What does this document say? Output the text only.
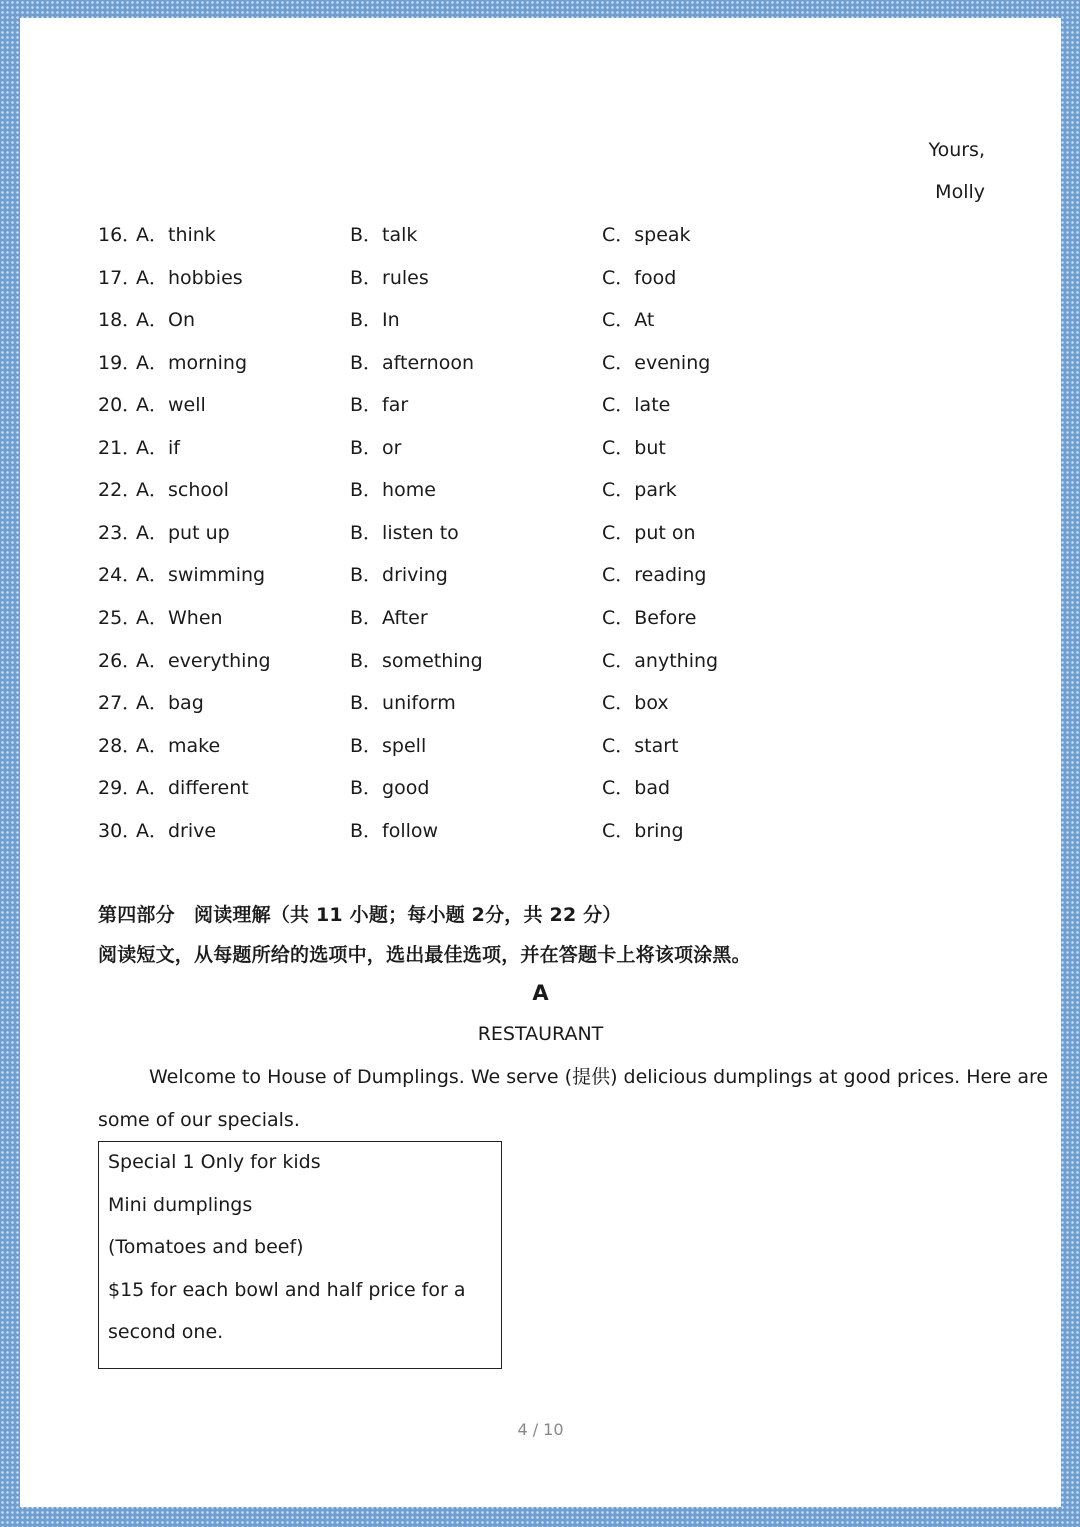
Yours,
Molly
16．
A．think	B．talk	C．speak
17．
A．hobbies	B．rules	C．food
18．
A．On	B．In	C．At
19．
A．morning	B．afternoon	C．evening
20．
A．well	B．far	C．late
21．
A．if	B．or	C．but
22．
A．school	B．home	C．park
23．
A．put up	B．listen to	C．put on
24．
A．swimming	B．driving	C．reading
25．
A．When	B．After	C．Before
26．
A．everything	B．something	C．anything
27．
A．bag	B．uniform	C．box
28．
A．make	B．spell	C．start
29．
A．different	B．good	C．bad
30．
A．drive	B．follow	C．bring
第四部分　阅读理解（共 11 小题；每小题 2分，共 22 分）
阅读短文，从每题所给的选项中，选出最佳选项，并在答题卡上将该项涂黑。
A
RESTAURANT
Welcome to House of Dumplings. We serve (提供) delicious dumplings at good prices. Here are
some of our specials.
Special 1 Only for kids
Mini dumplings
(Tomatoes and beef)
$15 for each bowl and half price for a
second one.
4 / 10
